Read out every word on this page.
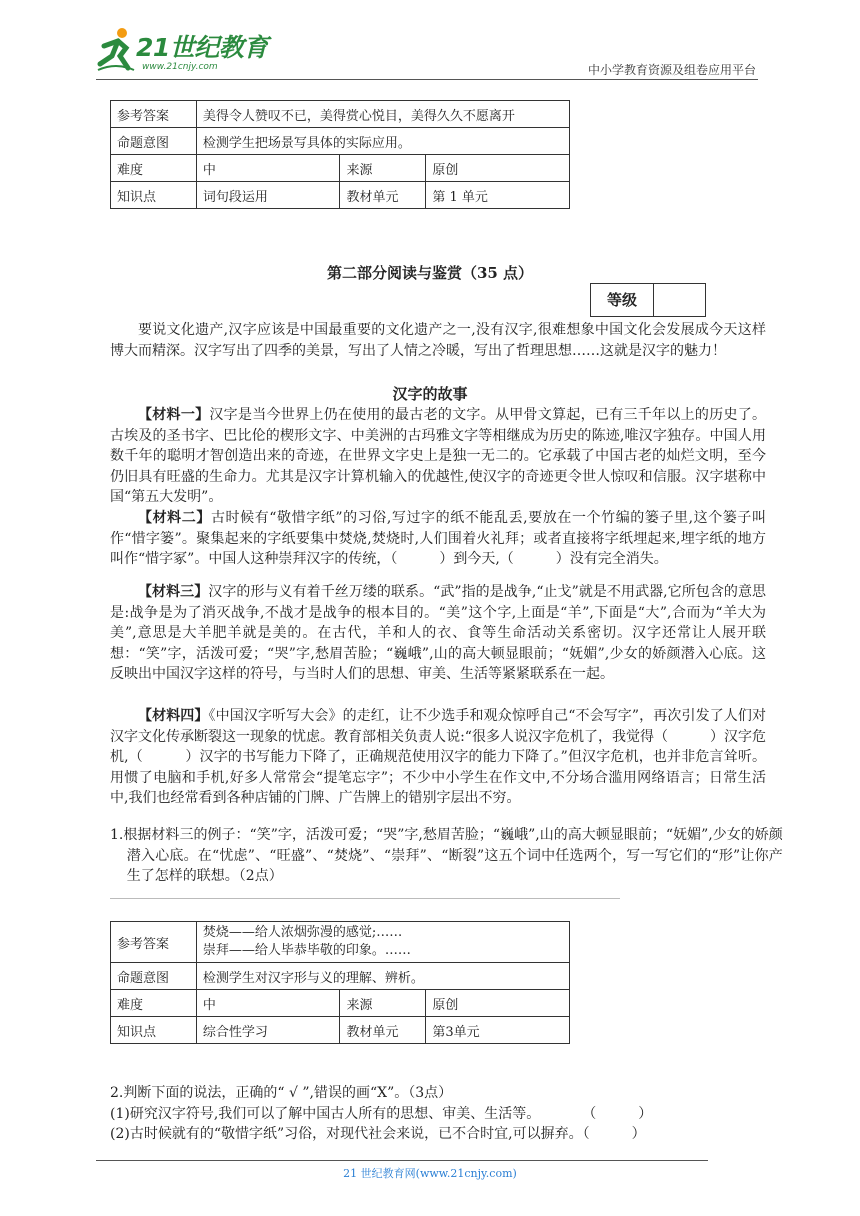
21世纪教育
www.21cnjy.com	中小学教育资源及组卷应用平台
参考答案	美得令人赞叹不已，美得赏心悦目，美得久久不愿离开		
命题意图	检测学生把场景写具体的实际应用。		
难度	中	来源	原创
知识点	词句段运用	教材单元	第 1 单元
第二部分阅读与鉴赏（35 点）
等级
要说文化遗产,汉字应该是中国最重要的文化遗产之一,没有汉字,很难想象中国文化会发展成今天这样博大而精深。汉字写出了四季的美景，写出了人情之冷暖，写出了哲理思想……这就是汉字的魅力！
汉字的故事
【材料一】汉字是当今世界上仍在使用的最古老的文字。从甲骨文算起，已有三千年以上的历史了。古埃及的圣书字、巴比伦的楔形文字、中美洲的古玛雅文字等相继成为历史的陈迹,唯汉字独存。中国人用数千年的聪明才智创造出来的奇迹，在世界文字史上是独一无二的。它承载了中国古老的灿烂文明，至今仍旧具有旺盛的生命力。尤其是汉字计算机输入的优越性,使汉字的奇迹更令世人惊叹和信服。汉字堪称中国“第五大发明”。
【材料二】古时候有“敬惜字纸”的习俗,写过字的纸不能乱丢,要放在一个竹编的篓子里,这个篓子叫作“惜字篓”。聚集起来的字纸要集中焚烧,焚烧时,人们围着火礼拜；或者直接将字纸埋起来,埋字纸的地方叫作“惜字冢”。中国人这种崇拜汉字的传统，（　　　）到今天,（　　　）没有完全消失。
【材料三】汉字的形与义有着千丝万缕的联系。“武”指的是战争,“止戈”就是不用武器,它所包含的意思是:战争是为了消灭战争,不战才是战争的根本目的。“美”这个字,上面是“羊”,下面是“大”,合而为“羊大为美”,意思是大羊肥羊就是美的。在古代，羊和人的衣、食等生命活动关系密切。汉字还常让人展开联想：“笑”字，活泼可爱；“哭”字,愁眉苦脸；“巍峨”,山的高大顿显眼前；“妩媚”,少女的娇颜潜入心底。这反映出中国汉字这样的符号，与当时人们的思想、审美、生活等紧紧联系在一起。
【材料四】《中国汉字听写大会》的走红，让不少选手和观众惊呼自己“不会写字”，再次引发了人们对汉字文化传承断裂这一现象的忧虑。教育部相关负责人说:“很多人说汉字危机了，我觉得（　　　）汉字危机,（　　　）汉字的书写能力下降了，正确规范使用汉字的能力下降了。”但汉字危机，也并非危言耸听。用惯了电脑和手机,好多人常常会“提笔忘字”；不少中小学生在作文中,不分场合滥用网络语言；日常生活中,我们也经常看到各种店铺的门牌、广告牌上的错别字层出不穷。
1.根据材料三的例子：“笑”字，活泼可爱；“哭”字,愁眉苦脸；“巍峨”,山的高大顿显眼前；“妩媚”,少女的娇颜潜入心底。在“忧虑”、“旺盛”、“焚烧”、“崇拜”、“断裂”这五个词中任选两个，写一写它们的“形”让你产生了怎样的联想。（2点）
参考答案	焚烧——给人浓烟弥漫的感觉;……
崇拜——给人毕恭毕敬的印象。……		

命题意图	检测学生对汉字形与义的理解、辨析。		
难度	中	来源	原创
知识点	综合性学习	教材单元	第3单元
2.判断下面的说法，正确的“ √ ”,错误的画“X”。（3点）
(1)研究汉字符号,我们可以了解中国古人所有的思想、审美、生活等。　　　　（　　　）
(2)古时候就有的“敬惜字纸”习俗，对现代社会来说，已不合时宜,可以摒弃。（　　　）
21 世纪教育网(www.21cnjy.com)
